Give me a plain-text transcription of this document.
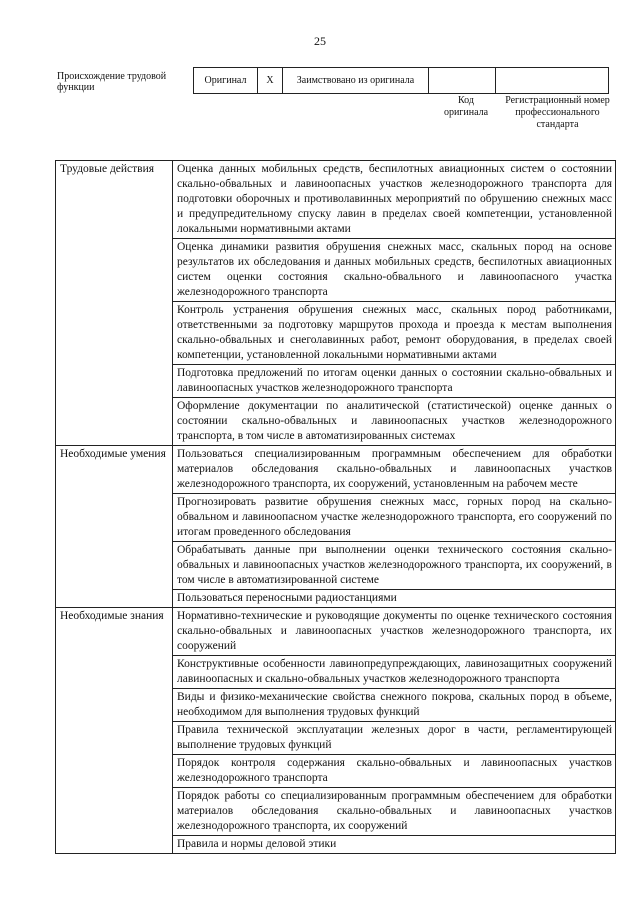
25
Происхождение трудовой функции
Оригинал	X	Заимствовано из оригинала		
Код оригинала
Регистрационный номер профессионального стандарта
Трудовые действия	Оценка данных мобильных средств, беспилотных авиационных систем о состоянии скально-обвальных и лавиноопасных участков железнодорожного транспорта для подготовки оборочных и противолавинных мероприятий по обрушению снежных масс и предупредительному спуску лавин в пределах своей компетенции, установленной локальными нормативными актами
	Оценка динамики развития обрушения снежных масс, скальных пород на основе результатов их обследования и данных мобильных средств, беспилотных авиационных систем оценки состояния скально-обвального и лавиноопасного участка железнодорожного транспорта
	Контроль устранения обрушения снежных масс, скальных пород работниками, ответственными за подготовку маршрутов прохода и проезда к местам выполнения скально-обвальных и снеголавинных работ, ремонт оборудования, в пределах своей компетенции, установленной локальными нормативными актами
	Подготовка предложений по итогам оценки данных о состоянии скально-обвальных и лавиноопасных участков железнодорожного транспорта
	Оформление документации по аналитической (статистической) оценке данных о состоянии скально-обвальных и лавиноопасных участков железнодорожного транспорта, в том числе в автоматизированных системах
Необходимые умения	Пользоваться специализированным программным обеспечением для обработки материалов обследования скально-обвальных и лавиноопасных участков железнодорожного транспорта, их сооружений, установленным на рабочем месте
	Прогнозировать развитие обрушения снежных масс, горных пород на скально-обвальном и лавиноопасном участке железнодорожного транспорта, его сооружений по итогам проведенного обследования
	Обрабатывать данные при выполнении оценки технического состояния скально-обвальных и лавиноопасных участков железнодорожного транспорта, их сооружений, в том числе в автоматизированной системе
	Пользоваться переносными радиостанциями
Необходимые знания	Нормативно-технические и руководящие документы по оценке технического состояния скально-обвальных и лавиноопасных участков железнодорожного транспорта, их сооружений
	Конструктивные особенности лавинопредупреждающих, лавинозащитных сооружений лавиноопасных и скально-обвальных участков железнодорожного транспорта
	Виды и физико-механические свойства снежного покрова, скальных пород в объеме, необходимом для выполнения трудовых функций
	Правила технической эксплуатации железных дорог в части, регламентирующей выполнение трудовых функций
	Порядок контроля содержания скально-обвальных и лавиноопасных участков железнодорожного транспорта
	Порядок работы со специализированным программным обеспечением для обработки материалов обследования скально-обвальных и лавиноопасных участков железнодорожного транспорта, их сооружений
	Правила и нормы деловой этики
